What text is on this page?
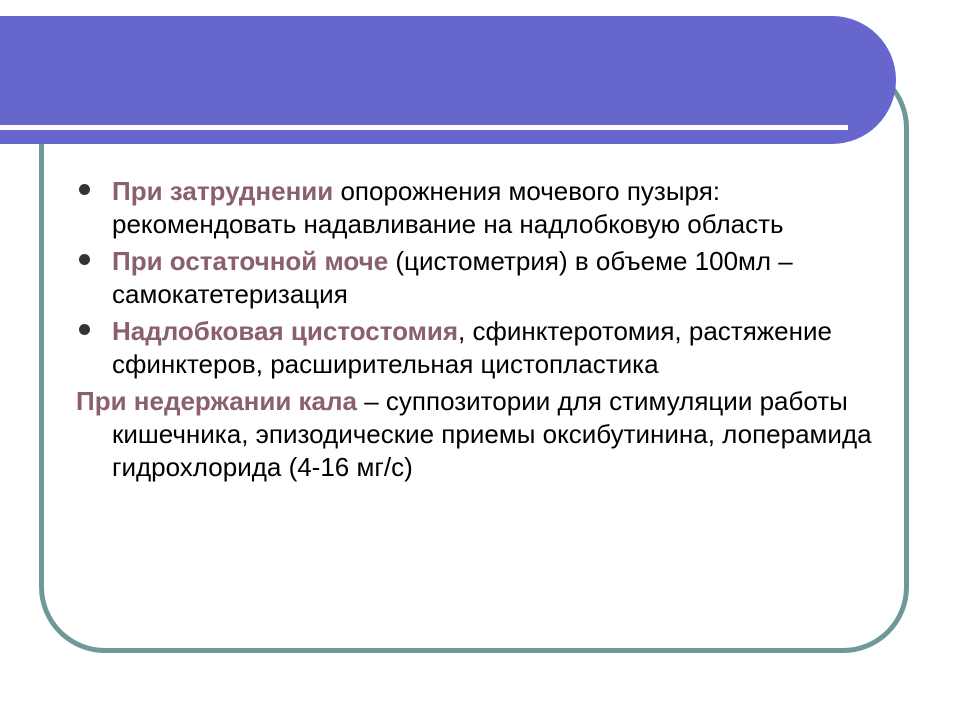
При затруднении опорожнения мочевого пузыря: рекомендовать надавливание на надлобковую область
При остаточной моче (цистометрия) в объеме 100мл – самокатетеризация
Надлобковая цистостомия, сфинктеротомия, растяжение сфинктеров, расширительная цистопластика
При недержании кала – суппозитории для стимуляции работы кишечника, эпизодические приемы оксибутинина, лоперамида гидрохлорида (4-16 мг/с)
